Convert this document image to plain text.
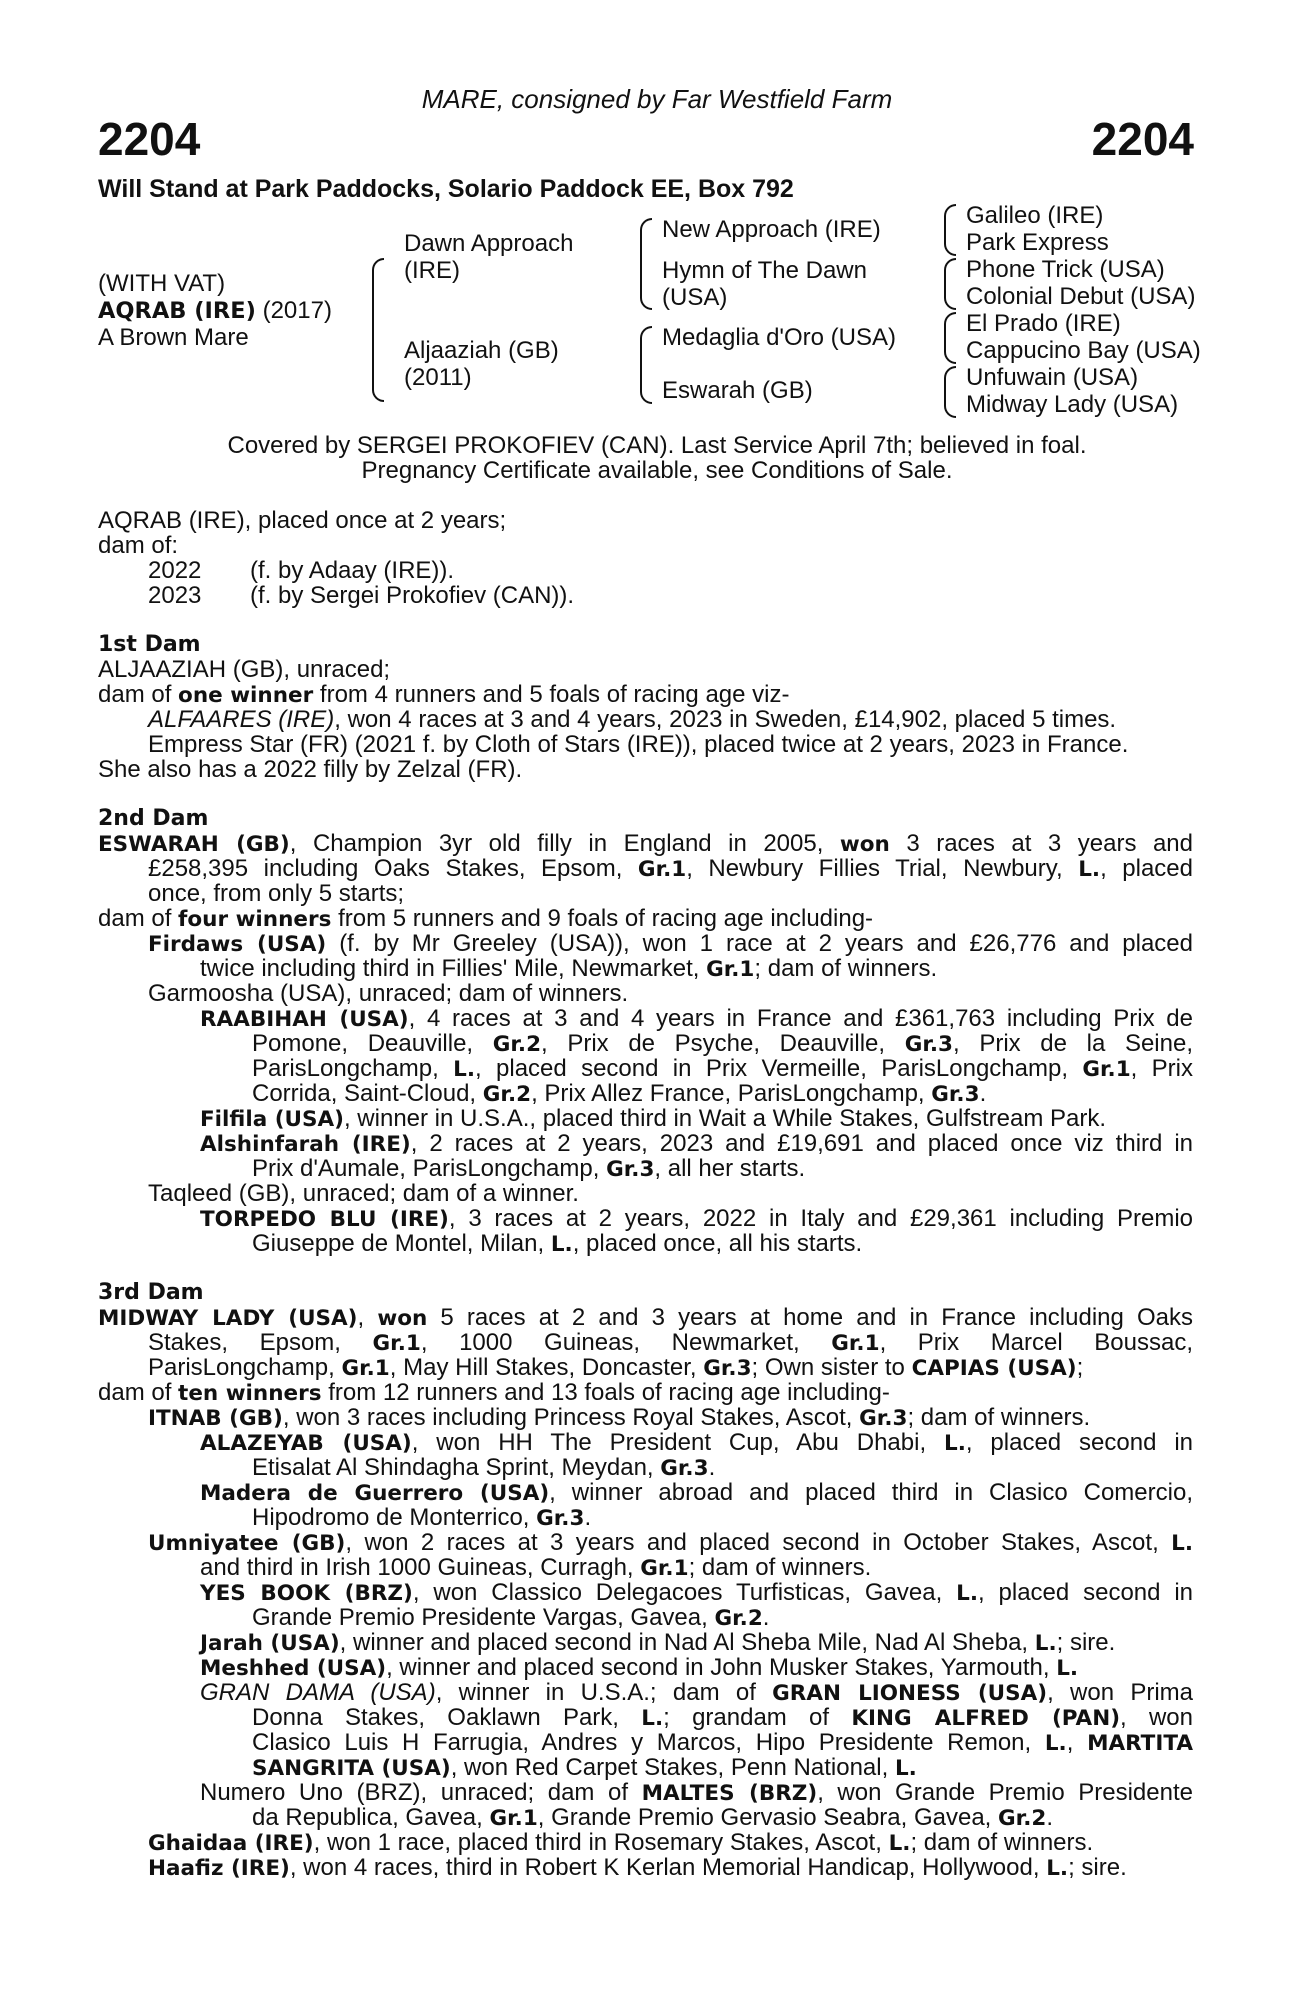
MARE, consigned by Far Westfield Farm
2204	2204
Will Stand at Park Paddocks, Solario Paddock EE, Box 792
(WITH VAT)
AQRAB (IRE) (2017)
A Brown Mare
Dawn Approach
(IRE)
Aljaaziah (GB)
(2011)
New Approach (IRE)
Hymn of The Dawn
(USA)
Medaglia d'Oro (USA)
Eswarah (GB)
Galileo (IRE)
Park Express
Phone Trick (USA)
Colonial Debut (USA)
El Prado (IRE)
Cappucino Bay (USA)
Unfuwain (USA)
Midway Lady (USA)
Covered by SERGEI PROKOFIEV (CAN). Last Service April 7th; believed in foal.
Pregnancy Certificate available, see Conditions of Sale.
AQRAB (IRE), placed once at 2 years;
dam of:
2022 (f. by Adaay (IRE)).
2023 (f. by Sergei Prokofiev (CAN)).
1st Dam
ALJAAZIAH (GB), unraced;
dam of one winner from 4 runners and 5 foals of racing age viz-
ALFAARES (IRE), won 4 races at 3 and 4 years, 2023 in Sweden, £14,902, placed 5 times.
Empress Star (FR) (2021 f. by Cloth of Stars (IRE)), placed twice at 2 years, 2023 in France.
She also has a 2022 filly by Zelzal (FR).
2nd Dam
ESWARAH (GB), Champion 3yr old filly in England in 2005, won 3 races at 3 years and
£258,395 including Oaks Stakes, Epsom, Gr.1, Newbury Fillies Trial, Newbury, L., placed
once, from only 5 starts;
dam of four winners from 5 runners and 9 foals of racing age including-
Firdaws (USA) (f. by Mr Greeley (USA)), won 1 race at 2 years and £26,776 and placed
twice including third in Fillies' Mile, Newmarket, Gr.1; dam of winners.
Garmoosha (USA), unraced; dam of winners.
RAABIHAH (USA), 4 races at 3 and 4 years in France and £361,763 including Prix de
Pomone, Deauville, Gr.2, Prix de Psyche, Deauville, Gr.3, Prix de la Seine,
ParisLongchamp, L., placed second in Prix Vermeille, ParisLongchamp, Gr.1, Prix
Corrida, Saint-Cloud, Gr.2, Prix Allez France, ParisLongchamp, Gr.3.
Filfila (USA), winner in U.S.A., placed third in Wait a While Stakes, Gulfstream Park.
Alshinfarah (IRE), 2 races at 2 years, 2023 and £19,691 and placed once viz third in
Prix d'Aumale, ParisLongchamp, Gr.3, all her starts.
Taqleed (GB), unraced; dam of a winner.
TORPEDO BLU (IRE), 3 races at 2 years, 2022 in Italy and £29,361 including Premio
Giuseppe de Montel, Milan, L., placed once, all his starts.
3rd Dam
MIDWAY LADY (USA), won 5 races at 2 and 3 years at home and in France including Oaks
Stakes, Epsom, Gr.1, 1000 Guineas, Newmarket, Gr.1, Prix Marcel Boussac,
ParisLongchamp, Gr.1, May Hill Stakes, Doncaster, Gr.3; Own sister to CAPIAS (USA);
dam of ten winners from 12 runners and 13 foals of racing age including-
ITNAB (GB), won 3 races including Princess Royal Stakes, Ascot, Gr.3; dam of winners.
ALAZEYAB (USA), won HH The President Cup, Abu Dhabi, L., placed second in
Etisalat Al Shindagha Sprint, Meydan, Gr.3.
Madera de Guerrero (USA), winner abroad and placed third in Clasico Comercio,
Hipodromo de Monterrico, Gr.3.
Umniyatee (GB), won 2 races at 3 years and placed second in October Stakes, Ascot, L.
and third in Irish 1000 Guineas, Curragh, Gr.1; dam of winners.
YES BOOK (BRZ), won Classico Delegacoes Turfisticas, Gavea, L., placed second in
Grande Premio Presidente Vargas, Gavea, Gr.2.
Jarah (USA), winner and placed second in Nad Al Sheba Mile, Nad Al Sheba, L.; sire.
Meshhed (USA), winner and placed second in John Musker Stakes, Yarmouth, L.
GRAN DAMA (USA), winner in U.S.A.; dam of GRAN LIONESS (USA), won Prima
Donna Stakes, Oaklawn Park, L.; grandam of KING ALFRED (PAN), won
Clasico Luis H Farrugia, Andres y Marcos, Hipo Presidente Remon, L., MARTITA
SANGRITA (USA), won Red Carpet Stakes, Penn National, L.
Numero Uno (BRZ), unraced; dam of MALTES (BRZ), won Grande Premio Presidente
da Republica, Gavea, Gr.1, Grande Premio Gervasio Seabra, Gavea, Gr.2.
Ghaidaa (IRE), won 1 race, placed third in Rosemary Stakes, Ascot, L.; dam of winners.
Haafiz (IRE), won 4 races, third in Robert K Kerlan Memorial Handicap, Hollywood, L.; sire.
